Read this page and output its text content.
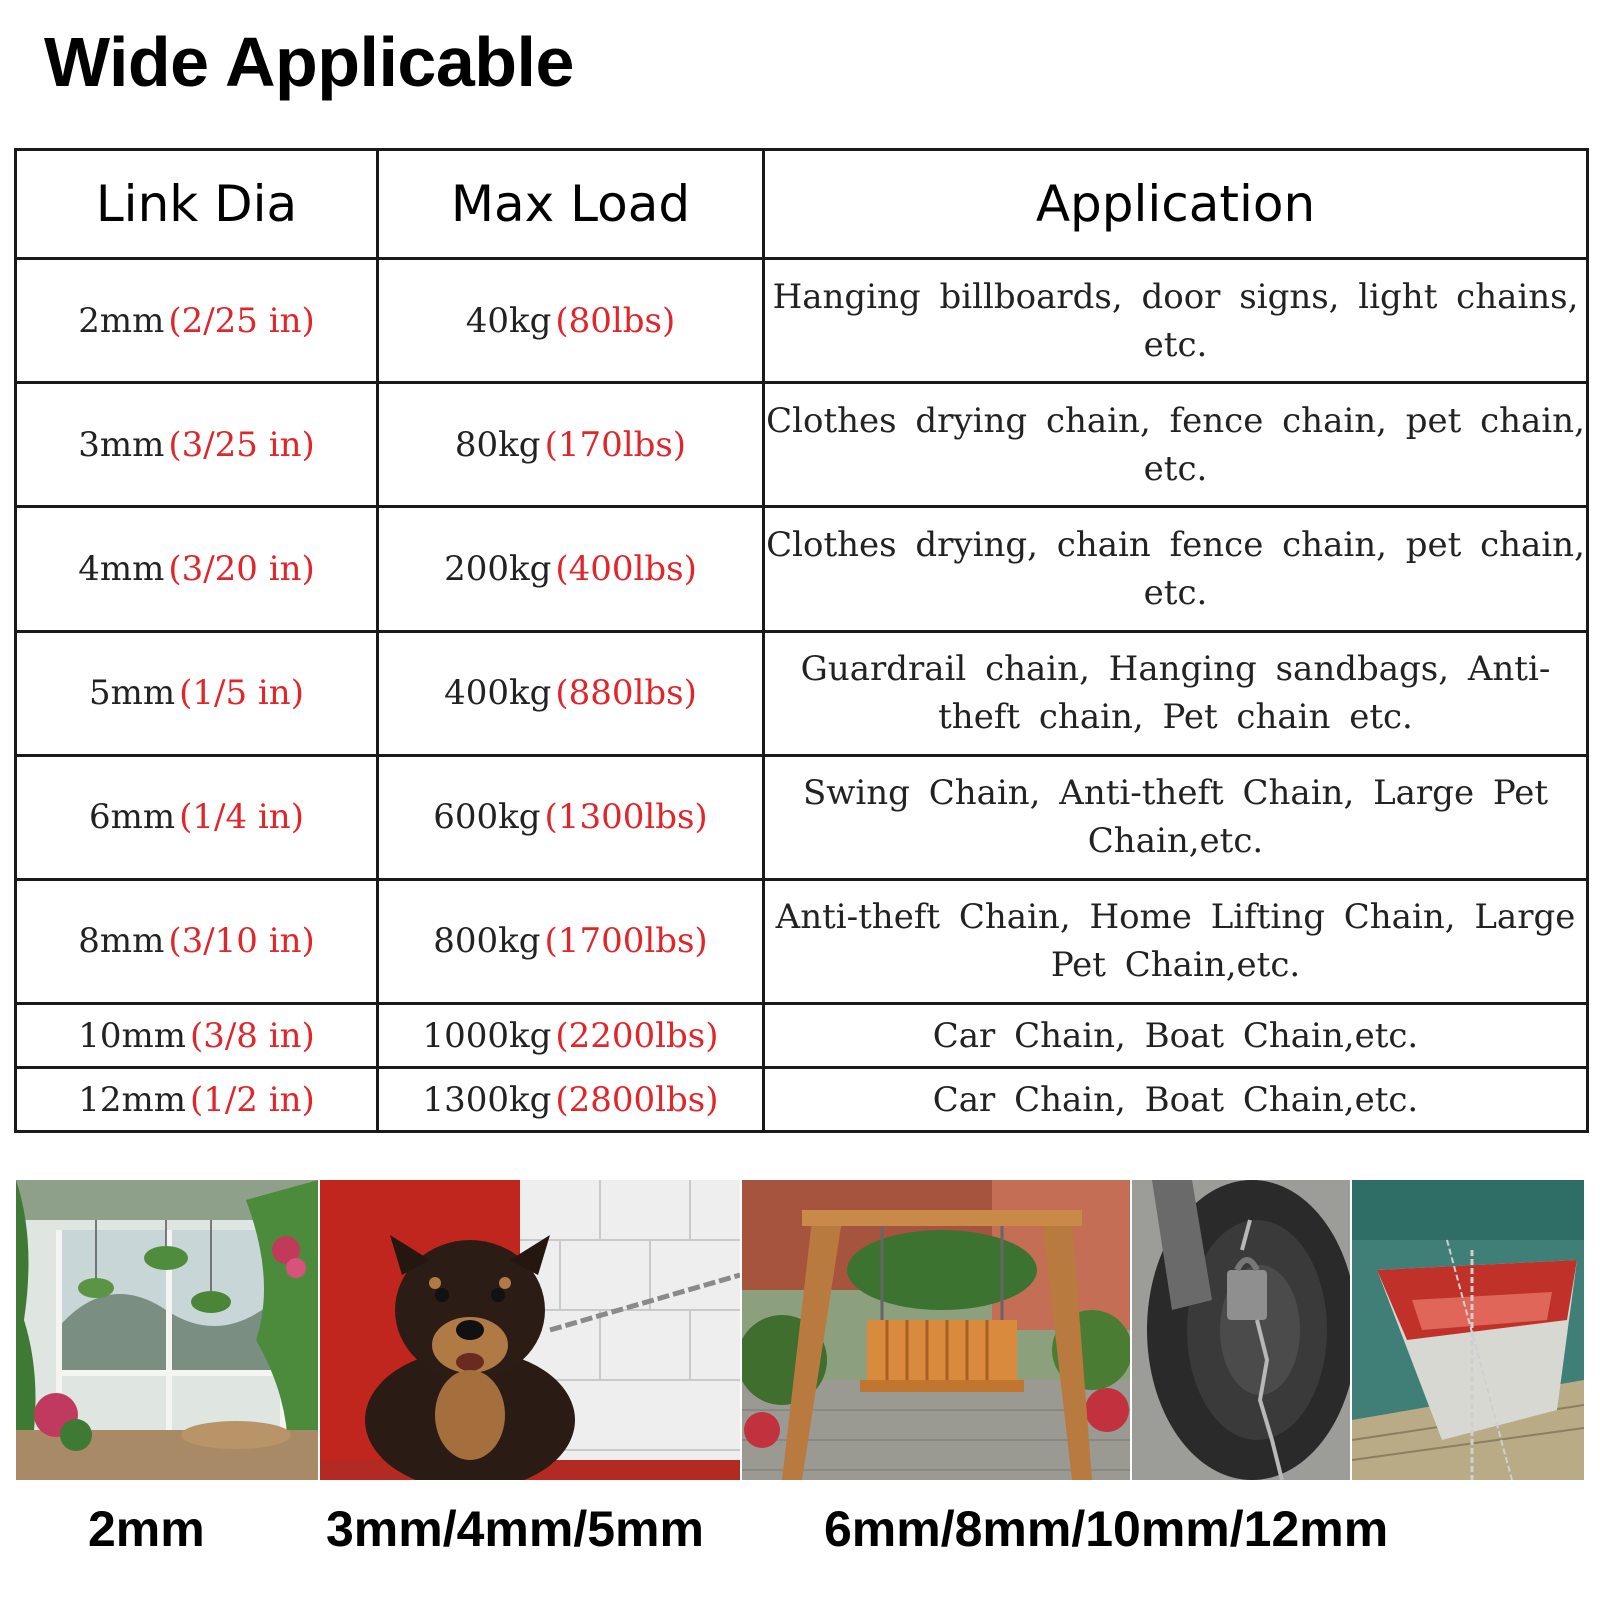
Wide Applicable
Link Dia	Max Load	Application
2mm (2/25 in)	40kg (80lbs)	Hanging billboards, door signs, light chains, etc.
3mm (3/25 in)	80kg (170lbs)	Clothes drying chain, fence chain, pet chain, etc.
4mm (3/20 in)	200kg (400lbs)	Clothes drying, chain fence chain, pet chain, etc.
5mm (1/5 in)	400kg (880lbs)	Guardrail chain, Hanging sandbags, Anti-theft chain, Pet chain etc.
6mm (1/4 in)	600kg (1300lbs)	Swing Chain, Anti-theft Chain, Large Pet Chain,etc.
8mm (3/10 in)	800kg (1700lbs)	Anti-theft Chain, Home Lifting Chain, Large Pet Chain,etc.
10mm (3/8 in)	1000kg (2200lbs)	Car Chain, Boat Chain,etc.
12mm (1/2 in)	1300kg (2800lbs)	Car Chain, Boat Chain,etc.
2mm 3mm/4mm/5mm 6mm/8mm/10mm/12mm
